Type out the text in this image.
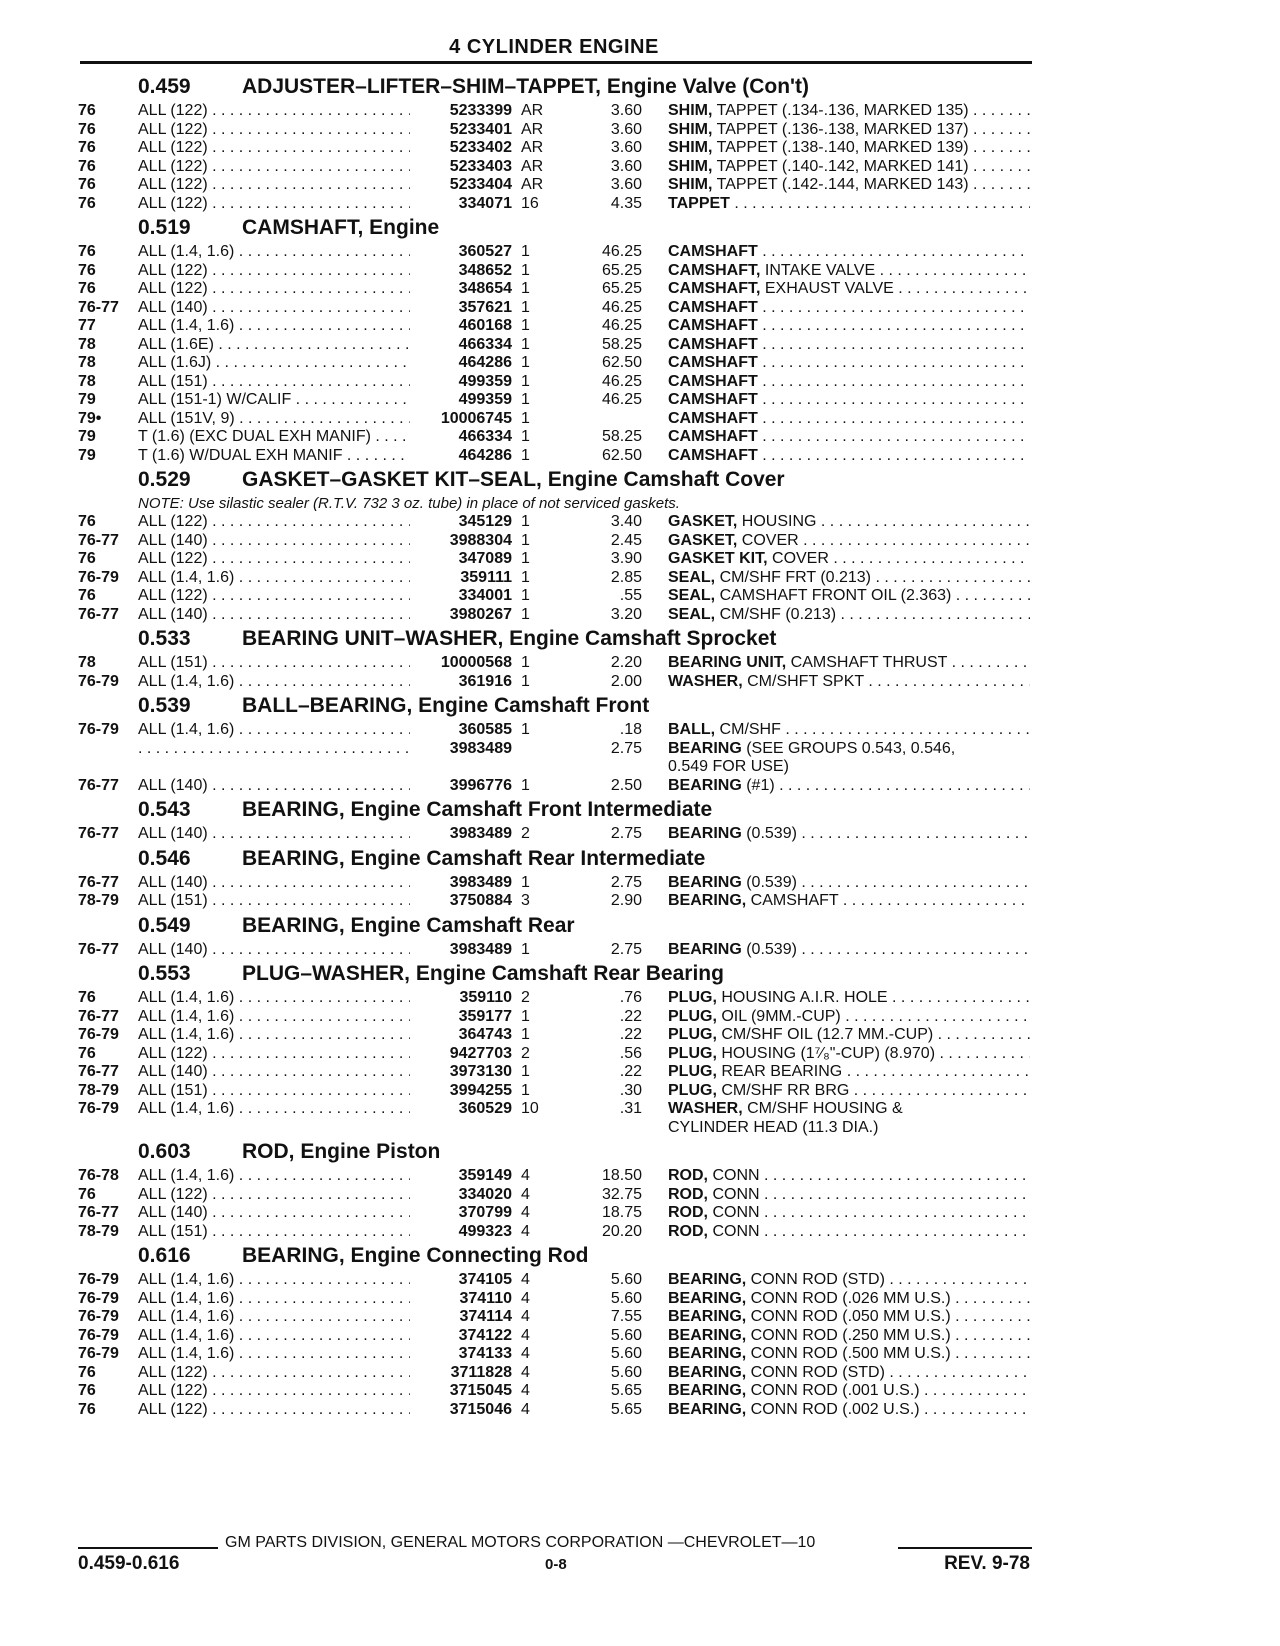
4 CYLINDER ENGINE
0.459 ADJUSTER–LIFTER–SHIM–TAPPET, Engine Valve (Con't)
76	ALL (122) . . .	5233399 AR	3.60 SHIM, TAPPET (.134-.136, MARKED 135) . . .
76	ALL (122) . . .	5233401 AR	3.60 SHIM, TAPPET (.136-.138, MARKED 137) . . .
76	ALL (122) . . .	5233402 AR	3.60 SHIM, TAPPET (.138-.140, MARKED 139) . . .
76	ALL (122) . . .	5233403 AR	3.60 SHIM, TAPPET (.140-.142, MARKED 141) . . .
76	ALL (122) . . .	5233404 AR	3.60 SHIM, TAPPET (.142-.144, MARKED 143) . . .
76	ALL (122) . . .	334071 16	4.35 TAPPET . . .
0.519 CAMSHAFT, Engine
76	ALL (1.4, 1.6) . . .	360527 1	46.25 CAMSHAFT . . .
76	ALL (122) . . .	348652 1	65.25 CAMSHAFT, INTAKE VALVE . . .
76	ALL (122) . . .	348654 1	65.25 CAMSHAFT, EXHAUST VALVE . . .
76-77 ALL (140) . . .	357621 1	46.25 CAMSHAFT . . .
77	ALL (1.4, 1.6) . . .	460168 1	46.25 CAMSHAFT . . .
78	ALL (1.6E) . . .	466334 1	58.25 CAMSHAFT . . .
78	ALL (1.6J) . . .	464286 1	62.50 CAMSHAFT . . .
78	ALL (151) . . .	499359 1	46.25 CAMSHAFT . . .
79	ALL (151-1) W/CALIF . . .	499359 1	46.25 CAMSHAFT . . .
79• ALL (151V, 9) . . .	10006745 1	CAMSHAFT . . .
79	T (1.6) (EXC DUAL EXH MANIF) . . .	466334 1	58.25 CAMSHAFT . . .
79	T (1.6) W/DUAL EXH MANIF . . .	464286 1	62.50 CAMSHAFT . . .
0.529 GASKET–GASKET KIT–SEAL, Engine Camshaft Cover
NOTE: Use silastic sealer (R.T.V. 732 3 oz. tube) in place of not serviced gaskets.
76	ALL (122) . . .	345129 1	3.40 GASKET, HOUSING . . .
76-77 ALL (140) . . .	3988304 1	2.45 GASKET, COVER . . .
76	ALL (122) . . .	347089 1	3.90 GASKET KIT, COVER . . .
76-79 ALL (1.4, 1.6) . . .	359111 1	2.85 SEAL, CM/SHF FRT (0.213) . . .
76	ALL (122) . . .	334001 1	.55 SEAL, CAMSHAFT FRONT OIL (2.363) . . .
76-77 ALL (140) . . .	3980267 1	3.20 SEAL, CM/SHF (0.213) . . .
0.533 BEARING UNIT–WASHER, Engine Camshaft Sprocket
78	ALL (151) . . .	10000568 1	2.20 BEARING UNIT, CAMSHAFT THRUST . . .
76-79 ALL (1.4, 1.6) . . .	361916 1	2.00 WASHER, CM/SHFT SPKT . . .
0.539 BALL–BEARING, Engine Camshaft Front
76-79 ALL (1.4, 1.6) . . .	360585 1	.18 BALL, CM/SHF . . .
. . .
3983489	2.75 BEARING (SEE GROUPS 0.543, 0.546,
0.549 FOR USE)
76-77 ALL (140) . . .	3996776 1	2.50 BEARING (#1) . . .
0.543 BEARING, Engine Camshaft Front Intermediate
76-77 ALL (140) . . .	3983489 2	2.75 BEARING (0.539) . . .
0.546 BEARING, Engine Camshaft Rear Intermediate
76-77 ALL (140) . . .	3983489 1	2.75 BEARING (0.539) . . .
78-79 ALL (151) . . .	3750884 3	2.90 BEARING, CAMSHAFT . . .
0.549 BEARING, Engine Camshaft Rear
76-77 ALL (140) . . .	3983489 1	2.75 BEARING (0.539) . . .
0.553 PLUG–WASHER, Engine Camshaft Rear Bearing
76	ALL (1.4, 1.6) . . .	359110 2	.76 PLUG, HOUSING A.I.R. HOLE . . .
76-77 ALL (1.4, 1.6) . . .	359177 1	.22 PLUG, OIL (9MM.-CUP) . . .
76-79 ALL (1.4, 1.6) . . .	364743 1	.22 PLUG, CM/SHF OIL (12.7 MM.-CUP) . . .
76	ALL (122) . . .	9427703 2	.56 PLUG, HOUSING (1⁷⁄₈"-CUP) (8.970) . . .
76-77 ALL (140) . . .	3973130 1	.22 PLUG, REAR BEARING . . .
78-79 ALL (151) . . .	3994255 1	.30 PLUG, CM/SHF RR BRG . . .
76-79 ALL (1.4, 1.6) . . .	360529 10	.31 WASHER, CM/SHF HOUSING &
CYLINDER HEAD (11.3 DIA.)
0.603 ROD, Engine Piston
76-78 ALL (1.4, 1.6) . . .	359149 4	18.50 ROD, CONN . . .
76	ALL (122) . . .	334020 4	32.75 ROD, CONN . . .
76-77 ALL (140) . . .	370799 4	18.75 ROD, CONN . . .
78-79 ALL (151) . . .	499323 4	20.20 ROD, CONN . . .
0.616 BEARING, Engine Connecting Rod
76-79 ALL (1.4, 1.6) . . .	374105 4	5.60 BEARING, CONN ROD (STD) . . .
76-79 ALL (1.4, 1.6) . . .	374110 4	5.60 BEARING, CONN ROD (.026 MM U.S.) . . .
76-79 ALL (1.4, 1.6) . . .	374114 4	7.55 BEARING, CONN ROD (.050 MM U.S.) . . .
76-79 ALL (1.4, 1.6) . . .	374122 4	5.60 BEARING, CONN ROD (.250 MM U.S.) . . .
76-79 ALL (1.4, 1.6) . . .	374133 4	5.60 BEARING, CONN ROD (.500 MM U.S.) . . .
76	ALL (122) . . .	3711828 4	5.60 BEARING, CONN ROD (STD) . . .
76	ALL (122) . . .	3715045 4	5.65 BEARING, CONN ROD (.001 U.S.) . . .
76	ALL (122) . . .	3715046 4	5.65 BEARING, CONN ROD (.002 U.S.) . . .
GM PARTS DIVISION, GENERAL MOTORS CORPORATION —CHEVROLET—10
0.459-0.616	0-8	REV. 9-78
